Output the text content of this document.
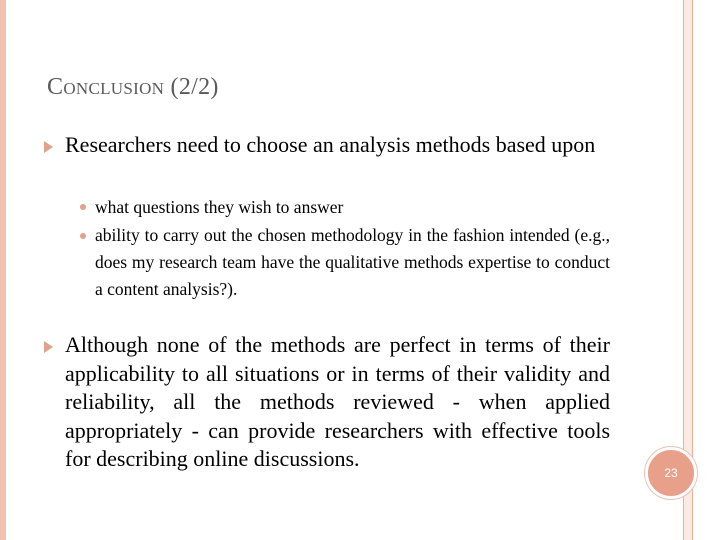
Conclusion (2/2)
Researchers need to choose an analysis methods based upon
what questions they wish to answer
ability to carry out the chosen methodology in the fashion intended (e.g., does my research team have the qualitative methods expertise to conduct a content analysis?).
Although none of the methods are perfect in terms of their applicability to all situations or in terms of their validity and reliability, all the methods reviewed - when applied appropriately - can provide researchers with effective tools for describing online discussions.
23
